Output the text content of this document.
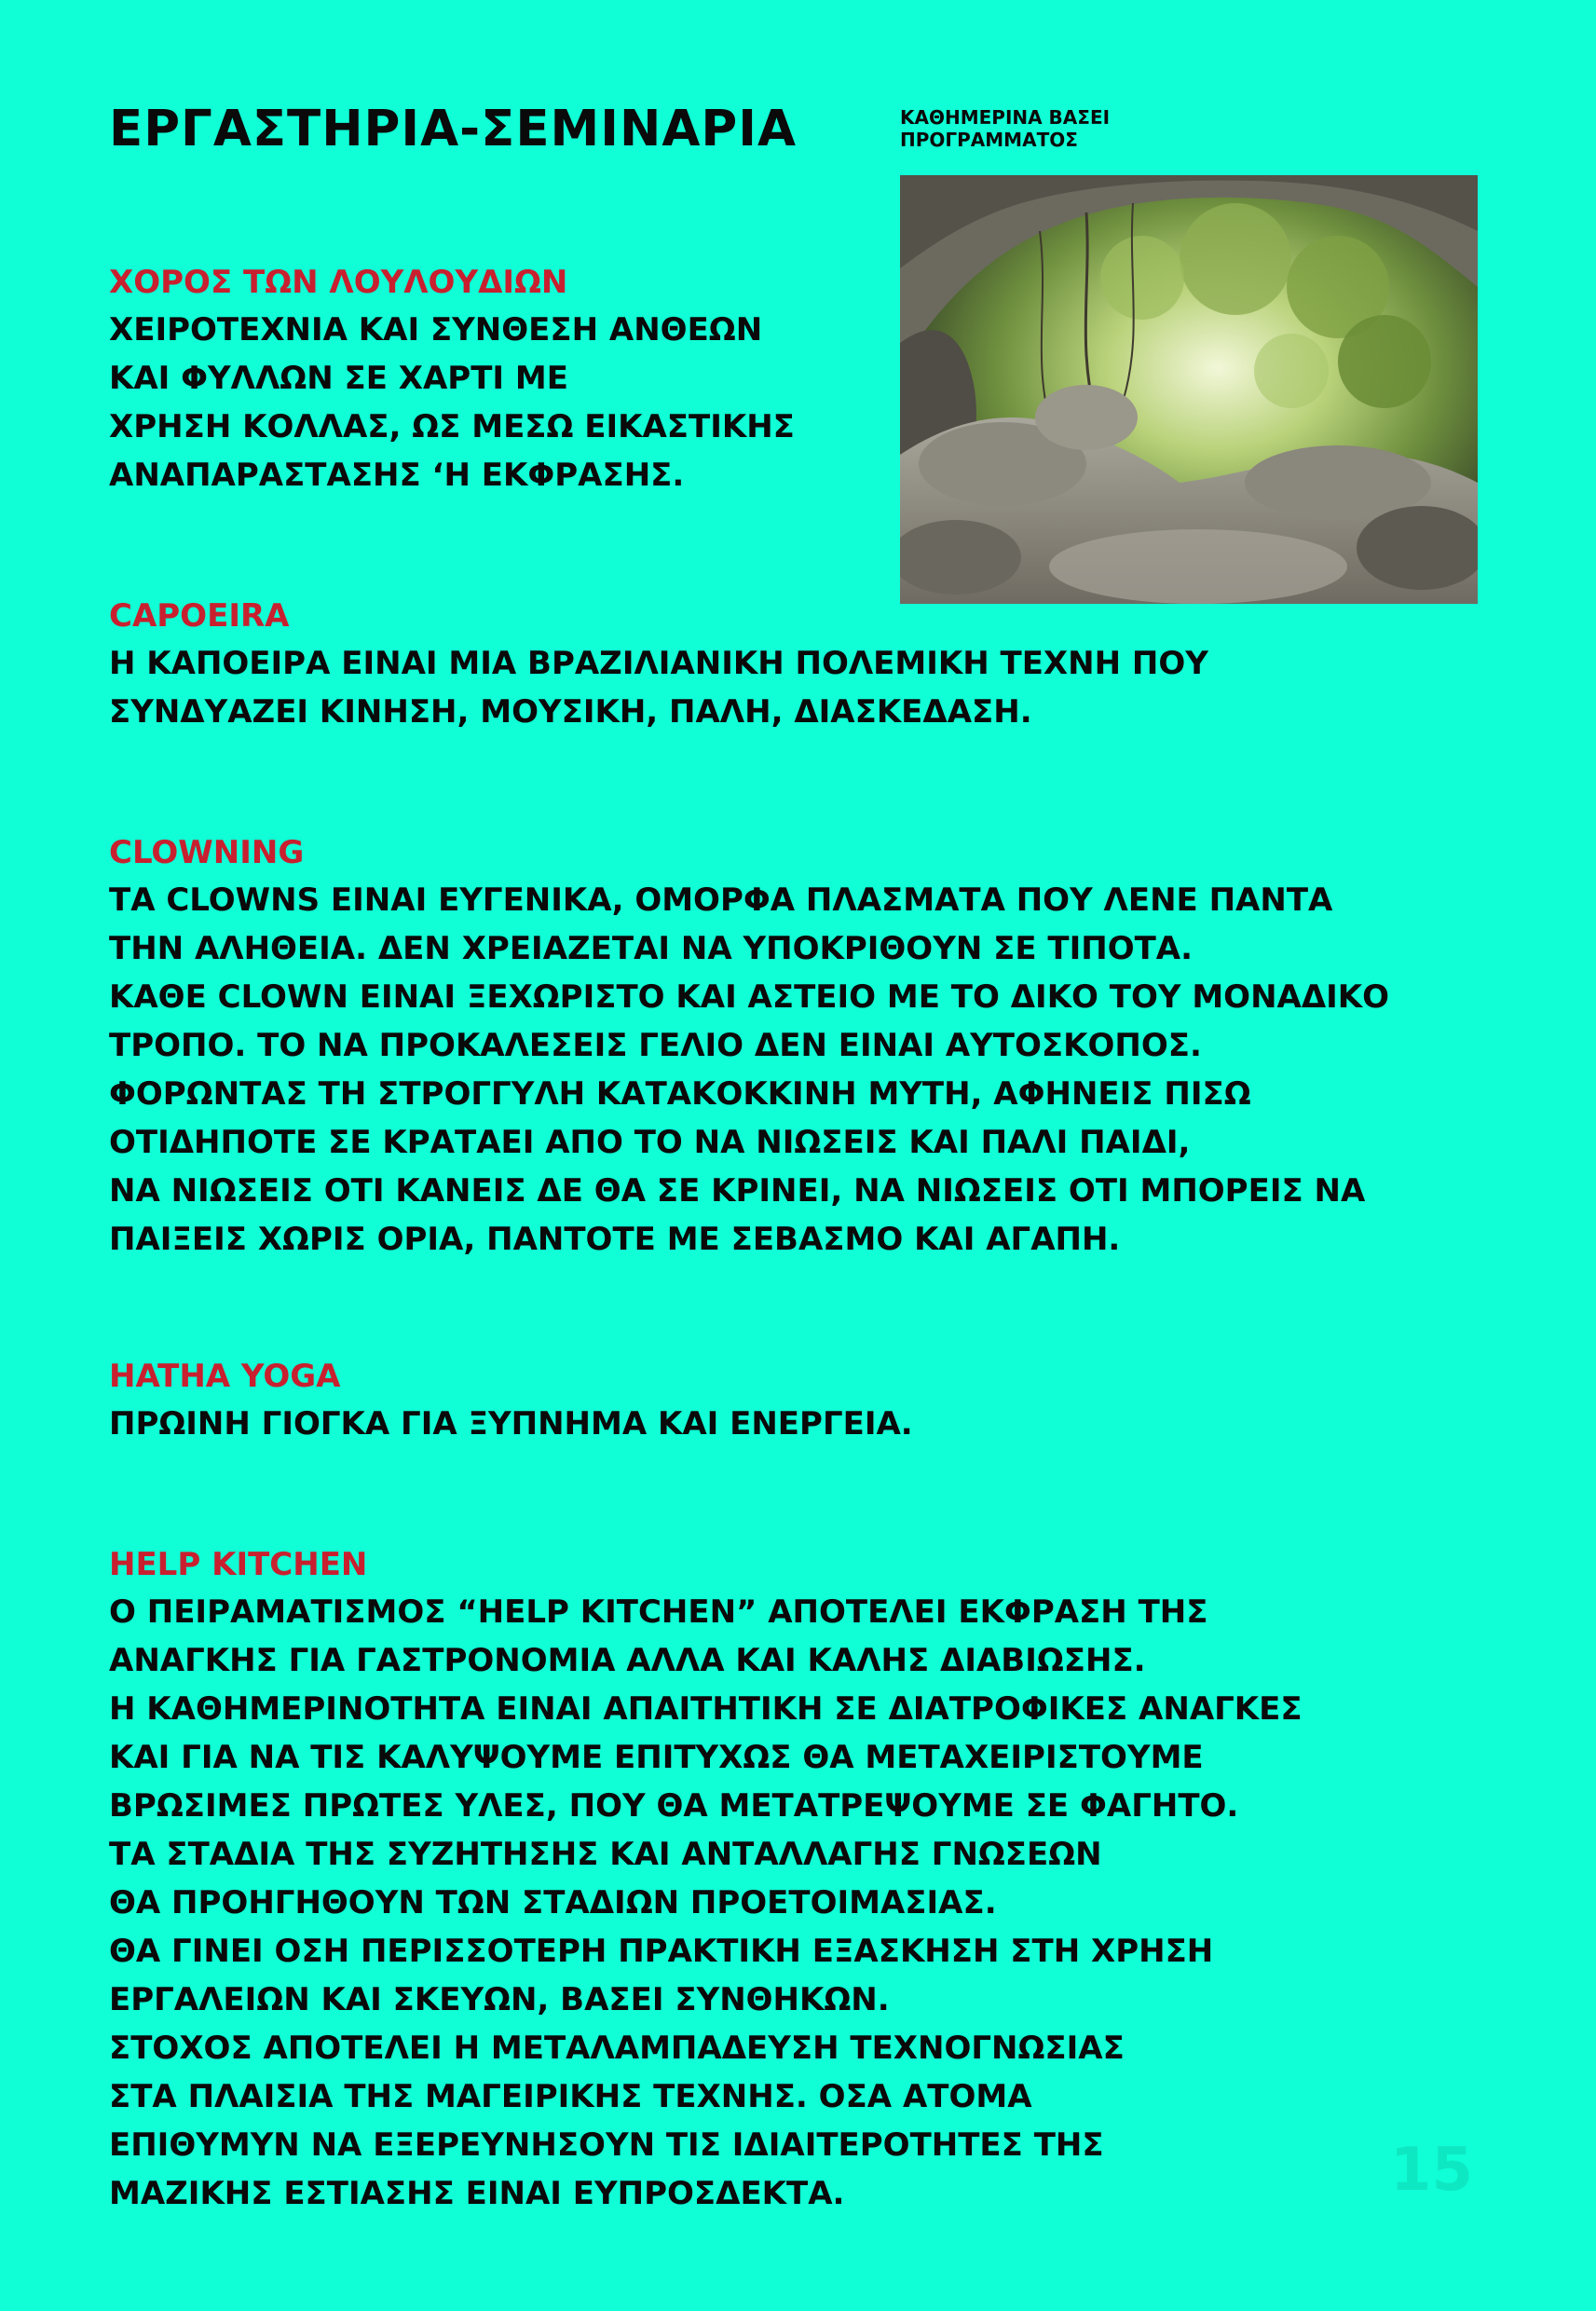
ΕΡΓΑΣΤΗΡΙΑ-ΣΕΜΙΝΑΡΙΑ	ΚΑΘΗΜΕΡΙΝΑ ΒΑΣΕΙ
ΠΡΟΓΡΑΜΜΑΤΟΣ
ΧΟΡΟΣ ΤΩΝ ΛΟΥΛΟΥΔΙΩΝ
ΧΕΙΡΟΤΕΧΝΙΑ ΚΑΙ ΣΥΝΘΕΣΗ ΑΝΘΕΩΝ
ΚΑΙ ΦΥΛΛΩΝ ΣΕ ΧΑΡΤΙ ΜΕ
ΧΡΗΣΗ ΚΟΛΛΑΣ, ΩΣ ΜΕΣΩ ΕΙΚΑΣΤΙΚΗΣ
ΑΝΑΠΑΡΑΣΤΑΣΗΣ ‘Η ΕΚΦΡΑΣΗΣ.
CAPOEIRA
Η ΚΑΠΟΕΙΡΑ ΕΙΝΑΙ ΜΙΑ ΒΡΑΖΙΛΙΑΝΙΚΗ ΠΟΛΕΜΙΚΗ ΤΕΧΝΗ ΠΟΥ
ΣΥΝΔΥΑΖΕΙ ΚΙΝΗΣΗ, ΜΟΥΣΙΚΗ, ΠΑΛΗ, ΔΙΑΣΚΕΔΑΣΗ.
CLOWNING
ΤΑ CLOWNS ΕΙΝΑΙ ΕΥΓΕΝΙΚΑ, ΟΜΟΡΦΑ ΠΛΑΣΜΑΤΑ ΠΟΥ ΛΕΝΕ ΠΑΝΤΑ
ΤΗΝ ΑΛΗΘΕΙΑ. ΔΕΝ ΧΡΕΙΑΖΕΤΑΙ ΝΑ ΥΠΟΚΡΙΘΟΥΝ ΣΕ ΤΙΠΟΤΑ.
ΚΑΘΕ CLOWN ΕΙΝΑΙ ΞΕΧΩΡΙΣΤΟ ΚΑΙ ΑΣΤΕΙΟ ΜΕ ΤΟ ΔΙΚΟ ΤΟΥ ΜΟΝΑΔΙΚΟ
ΤΡΟΠΟ. ΤΟ ΝΑ ΠΡΟΚΑΛΕΣΕΙΣ ΓΕΛΙΟ ΔΕΝ ΕΙΝΑΙ ΑΥΤΟΣΚΟΠΟΣ.
ΦΟΡΩΝΤΑΣ ΤΗ ΣΤΡΟΓΓΥΛΗ ΚΑΤΑΚΟΚΚΙΝΗ ΜΥΤΗ, ΑΦΗΝΕΙΣ ΠΙΣΩ
ΟΤΙΔΗΠΟΤΕ ΣΕ ΚΡΑΤΑΕΙ ΑΠΟ ΤΟ ΝΑ ΝΙΩΣΕΙΣ ΚΑΙ ΠΑΛΙ ΠΑΙΔΙ,
ΝΑ ΝΙΩΣΕΙΣ ΟΤΙ ΚΑΝΕΙΣ ΔΕ ΘΑ ΣΕ ΚΡΙΝΕΙ, ΝΑ ΝΙΩΣΕΙΣ ΟΤΙ ΜΠΟΡΕΙΣ ΝΑ
ΠΑΙΞΕΙΣ ΧΩΡΙΣ ΟΡΙΑ, ΠΑΝΤΟΤΕ ΜΕ ΣΕΒΑΣΜΟ ΚΑΙ ΑΓΑΠΗ.
HATHA YOGA
ΠΡΩΙΝΗ ΓΙΟΓΚΑ ΓΙΑ ΞΥΠΝΗΜΑ ΚΑΙ ΕΝΕΡΓΕΙΑ.
HELP KITCHEN
Ο ΠΕΙΡΑΜΑΤΙΣΜΟΣ “HELP KITCHEN” ΑΠΟΤΕΛΕΙ ΕΚΦΡΑΣΗ ΤΗΣ
ΑΝΑΓΚΗΣ ΓΙΑ ΓΑΣΤΡΟΝΟΜΙΑ ΑΛΛΑ ΚΑΙ ΚΑΛΗΣ ΔΙΑΒΙΩΣΗΣ.
Η ΚΑΘΗΜΕΡΙΝΟΤΗΤΑ ΕΙΝΑΙ ΑΠΑΙΤΗΤΙΚΗ ΣΕ ΔΙΑΤΡΟΦΙΚΕΣ ΑΝΑΓΚΕΣ
ΚΑΙ ΓΙΑ ΝΑ ΤΙΣ ΚΑΛΥΨΟΥΜΕ ΕΠΙΤΥΧΩΣ ΘΑ ΜΕΤΑΧΕΙΡΙΣΤΟΥΜΕ
ΒΡΩΣΙΜΕΣ ΠΡΩΤΕΣ ΥΛΕΣ, ΠΟΥ ΘΑ ΜΕΤΑΤΡΕΨΟΥΜΕ ΣΕ ΦΑΓΗΤΟ.
ΤΑ ΣΤΑΔΙΑ ΤΗΣ ΣΥΖΗΤΗΣΗΣ ΚΑΙ ΑΝΤΑΛΛΑΓΗΣ ΓΝΩΣΕΩΝ
ΘΑ ΠΡΟΗΓΗΘΟΥΝ ΤΩΝ ΣΤΑΔΙΩΝ ΠΡΟΕΤΟΙΜΑΣΙΑΣ.
ΘΑ ΓΙΝΕΙ ΟΣΗ ΠΕΡΙΣΣΟΤΕΡΗ ΠΡΑΚΤΙΚΗ ΕΞΑΣΚΗΣΗ ΣΤΗ ΧΡΗΣΗ
ΕΡΓΑΛΕΙΩΝ ΚΑΙ ΣΚΕΥΩΝ, ΒΑΣΕΙ ΣΥΝΘΗΚΩΝ.
ΣΤΟΧΟΣ ΑΠΟΤΕΛΕΙ Η ΜΕΤΑΛΑΜΠΑΔΕΥΣΗ ΤΕΧΝΟΓΝΩΣΙΑΣ
ΣΤΑ ΠΛΑΙΣΙΑ ΤΗΣ ΜΑΓΕΙΡΙΚΗΣ ΤΕΧΝΗΣ. ΟΣΑ ΑΤΟΜΑ
ΕΠΙΘΥΜΥΝ ΝΑ ΕΞΕΡΕΥΝΗΣΟΥΝ ΤΙΣ ΙΔΙΑΙΤΕΡΟΤΗΤΕΣ ΤΗΣ
ΜΑΖΙΚΗΣ ΕΣΤΙΑΣΗΣ ΕΙΝΑΙ ΕΥΠΡΟΣΔΕΚΤΑ.	15
